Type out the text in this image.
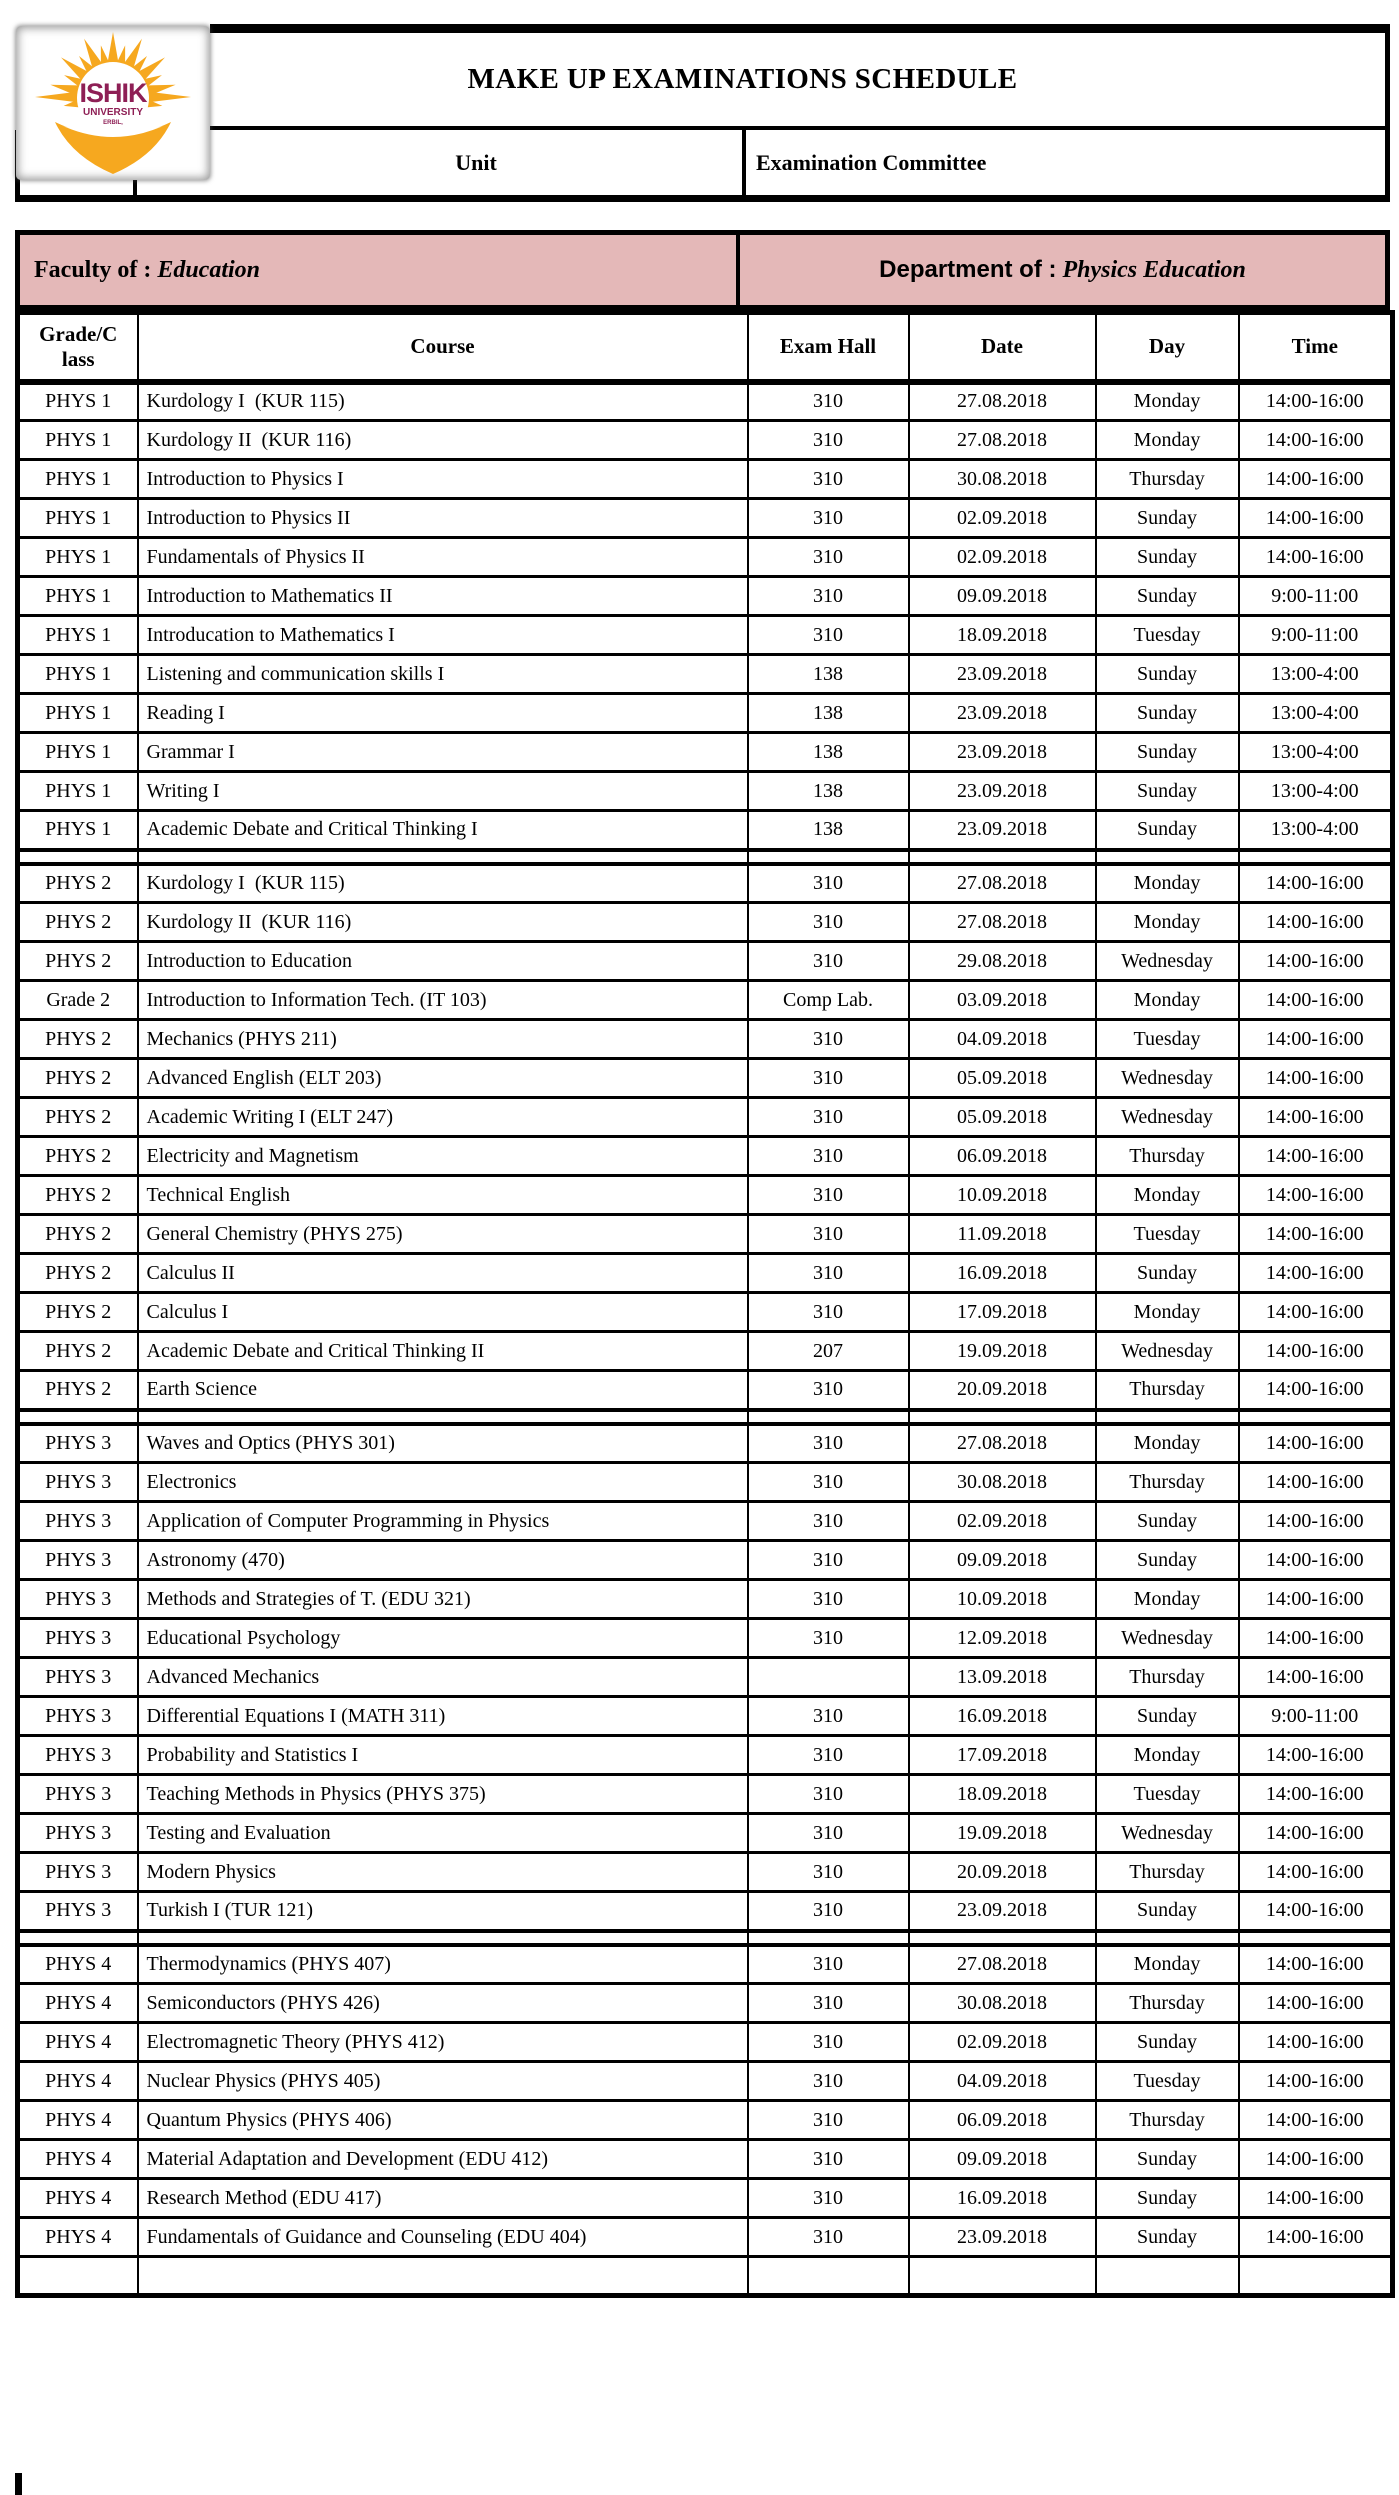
ISHIK
UNIVERSITY
ERBIL,
MAKE UP EXAMINATIONS SCHEDULE
Unit	Examination Committee
Faculty of :
Education	Department of :
Physics Education
Grade/C lass	Course	Exam Hall	Date	Day	Time
PHYS 1	Kurdology I  (KUR 115)	310	27.08.2018	Monday	14:00-16:00
PHYS 1	Kurdology II  (KUR 116)	310	27.08.2018	Monday	14:00-16:00
PHYS 1	Introduction to Physics I	310	30.08.2018	Thursday	14:00-16:00
PHYS 1	Introduction to Physics II	310	02.09.2018	Sunday	14:00-16:00
PHYS 1	Fundamentals of Physics II	310	02.09.2018	Sunday	14:00-16:00
PHYS 1	Introduction to Mathematics II	310	09.09.2018	Sunday	9:00-11:00
PHYS 1	Introducation to Mathematics I	310	18.09.2018	Tuesday	9:00-11:00
PHYS 1	Listening and communication skills I	138	23.09.2018	Sunday	13:00-4:00
PHYS 1	Reading I	138	23.09.2018	Sunday	13:00-4:00
PHYS 1	Grammar I	138	23.09.2018	Sunday	13:00-4:00
PHYS 1	Writing I	138	23.09.2018	Sunday	13:00-4:00
PHYS 1	Academic Debate and Critical Thinking I	138	23.09.2018	Sunday	13:00-4:00

PHYS 2	Kurdology I  (KUR 115)	310	27.08.2018	Monday	14:00-16:00
PHYS 2	Kurdology II  (KUR 116)	310	27.08.2018	Monday	14:00-16:00
PHYS 2	Introduction to Education	310	29.08.2018	Wednesday	14:00-16:00
Grade 2	Introduction to Information Tech. (IT 103)	Comp Lab.	03.09.2018	Monday	14:00-16:00
PHYS 2	Mechanics (PHYS 211)	310	04.09.2018	Tuesday	14:00-16:00
PHYS 2	Advanced English (ELT 203)	310	05.09.2018	Wednesday	14:00-16:00
PHYS 2	Academic Writing I (ELT 247)	310	05.09.2018	Wednesday	14:00-16:00
PHYS 2	Electricity and Magnetism	310	06.09.2018	Thursday	14:00-16:00
PHYS 2	Technical English	310	10.09.2018	Monday	14:00-16:00
PHYS 2	General Chemistry (PHYS 275)	310	11.09.2018	Tuesday	14:00-16:00
PHYS 2	Calculus II	310	16.09.2018	Sunday	14:00-16:00
PHYS 2	Calculus I	310	17.09.2018	Monday	14:00-16:00
PHYS 2	Academic Debate and Critical Thinking II	207	19.09.2018	Wednesday	14:00-16:00
PHYS 2	Earth Science	310	20.09.2018	Thursday	14:00-16:00

PHYS 3	Waves and Optics (PHYS 301)	310	27.08.2018	Monday	14:00-16:00
PHYS 3	Electronics	310	30.08.2018	Thursday	14:00-16:00
PHYS 3	Application of Computer Programming in Physics	310	02.09.2018	Sunday	14:00-16:00
PHYS 3	Astronomy (470)	310	09.09.2018	Sunday	14:00-16:00
PHYS 3	Methods and Strategies of T. (EDU 321)	310	10.09.2018	Monday	14:00-16:00
PHYS 3	Educational Psychology	310	12.09.2018	Wednesday	14:00-16:00
PHYS 3	Advanced Mechanics		13.09.2018	Thursday	14:00-16:00
PHYS 3	Differential Equations I (MATH 311)	310	16.09.2018	Sunday	9:00-11:00
PHYS 3	Probability and Statistics I	310	17.09.2018	Monday	14:00-16:00
PHYS 3	Teaching Methods in Physics (PHYS 375)	310	18.09.2018	Tuesday	14:00-16:00
PHYS 3	Testing and Evaluation	310	19.09.2018	Wednesday	14:00-16:00
PHYS 3	Modern Physics	310	20.09.2018	Thursday	14:00-16:00
PHYS 3	Turkish I (TUR 121)	310	23.09.2018	Sunday	14:00-16:00

PHYS 4	Thermodynamics (PHYS 407)	310	27.08.2018	Monday	14:00-16:00
PHYS 4	Semiconductors (PHYS 426)	310	30.08.2018	Thursday	14:00-16:00
PHYS 4	Electromagnetic Theory (PHYS 412)	310	02.09.2018	Sunday	14:00-16:00
PHYS 4	Nuclear Physics (PHYS 405)	310	04.09.2018	Tuesday	14:00-16:00
PHYS 4	Quantum Physics (PHYS 406)	310	06.09.2018	Thursday	14:00-16:00
PHYS 4	Material Adaptation and Development (EDU 412)	310	09.09.2018	Sunday	14:00-16:00
PHYS 4	Research Method (EDU 417)	310	16.09.2018	Sunday	14:00-16:00
PHYS 4	Fundamentals of Guidance and Counseling (EDU 404)	310	23.09.2018	Sunday	14:00-16:00
